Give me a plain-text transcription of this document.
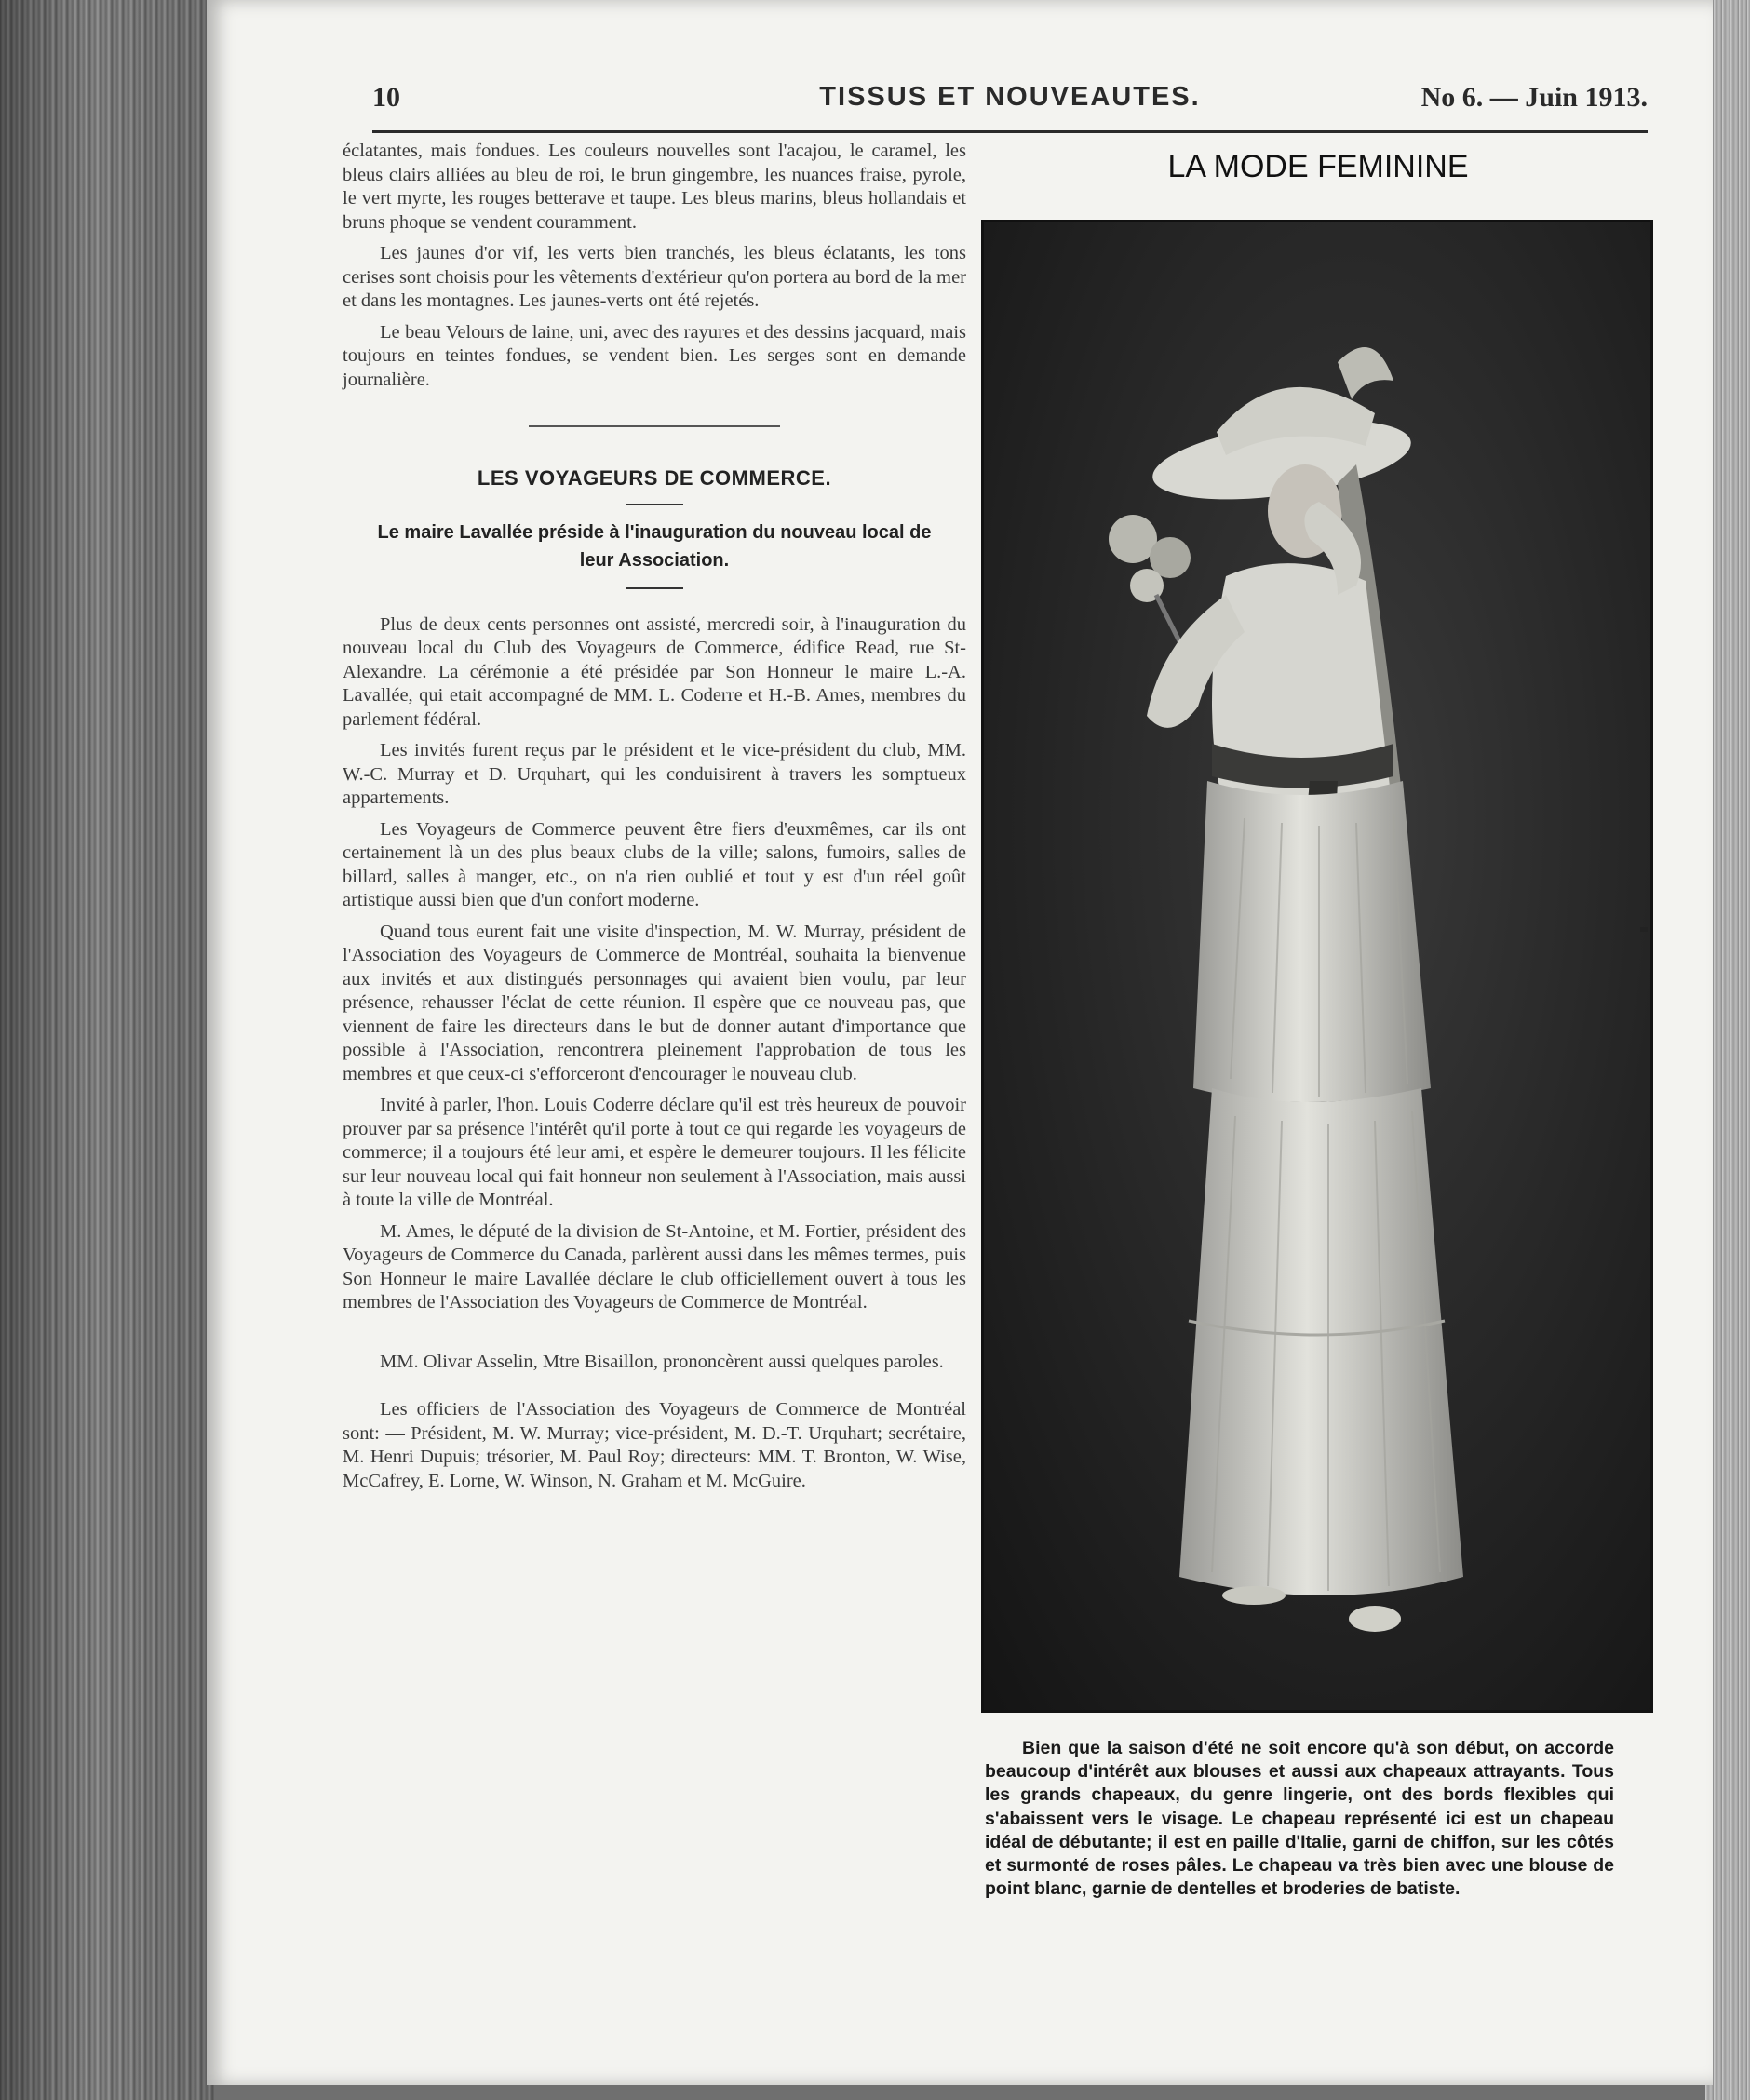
10	TISSUS ET NOUVEAUTES.	No 6. — Juin 1913.

éclatantes, mais fondues. Les couleurs nouvelles sont l'acajou, le caramel, les bleus clairs alliées au bleu de roi, le brun gingembre, les nuances fraise, pyrole, le vert myrte, les rouges betterave et taupe. Les bleus marins, bleus hollandais et bruns phoque se vendent couramment.

Les jaunes d'or vif, les verts bien tranchés, les bleus éclatants, les tons cerises sont choisis pour les vêtements d'extérieur qu'on portera au bord de la mer et dans les montagnes. Les jaunes-verts ont été rejetés.

Le beau Velours de laine, uni, avec des rayures et des dessins jacquard, mais toujours en teintes fondues, se vendent bien. Les serges sont en demande journalière.

LES VOYAGEURS DE COMMERCE.
Le maire Lavallée préside à l'inauguration du nouveau local de leur Association.

Plus de deux cents personnes ont assisté, mercredi soir, à l'inauguration du nouveau local du Club des Voyageurs de Commerce, édifice Read, rue St-Alexandre. La cérémonie a été présidée par Son Honneur le maire L.-A. Lavallée, qui etait accompagné de MM. L. Coderre et H.-B. Ames, membres du parlement fédéral.

Les invités furent reçus par le président et le vice-président du club, MM. W.-C. Murray et D. Urquhart, qui les conduisirent à travers les somptueux appartements.

Les Voyageurs de Commerce peuvent être fiers d'euxmêmes, car ils ont certainement là un des plus beaux clubs de la ville; salons, fumoirs, salles de billard, salles à manger, etc., on n'a rien oublié et tout y est d'un réel goût artistique aussi bien que d'un confort moderne.

Quand tous eurent fait une visite d'inspection, M. W. Murray, président de l'Association des Voyageurs de Commerce de Montréal, souhaita la bienvenue aux invités et aux distingués personnages qui avaient bien voulu, par leur présence, rehausser l'éclat de cette réunion. Il espère que ce nouveau pas, que viennent de faire les directeurs dans le but de donner autant d'importance que possible à l'Association, rencontrera pleinement l'approbation de tous les membres et que ceux-ci s'efforceront d'encourager le nouveau club.

Invité à parler, l'hon. Louis Coderre déclare qu'il est très heureux de pouvoir prouver par sa présence l'intérêt qu'il porte à tout ce qui regarde les voyageurs de commerce; il a toujours été leur ami, et espère le demeurer toujours. Il les félicite sur leur nouveau local qui fait honneur non seulement à l'Association, mais aussi à toute la ville de Montréal.

M. Ames, le député de la division de St-Antoine, et M. Fortier, président des Voyageurs de Commerce du Canada, parlèrent aussi dans les mêmes termes, puis Son Honneur le maire Lavallée déclare le club officiellement ouvert à tous les membres de l'Association des Voyageurs de Commerce de Montréal.

MM. Olivar Asselin, Mtre Bisaillon, prononcèrent aussi quelques paroles.

Les officiers de l'Association des Voyageurs de Commerce de Montréal sont: — Président, M. W. Murray; vice-président, M. D.-T. Urquhart; secrétaire, M. Henri Dupuis; trésorier, M. Paul Roy; directeurs: MM. T. Bronton, W. Wise, McCafrey, E. Lorne, W. Winson, N. Graham et M. McGuire.

LA MODE FEMININE

Bien que la saison d'été ne soit encore qu'à son début, on accorde beaucoup d'intérêt aux blouses et aussi aux chapeaux attrayants. Tous les grands chapeaux, du genre lingerie, ont des bords flexibles qui s'abaissent vers le visage. Le chapeau représenté ici est un chapeau idéal de débutante; il est en paille d'Italie, garni de chiffon, sur les côtés et surmonté de roses pâles. Le chapeau va très bien avec une blouse de point blanc, garnie de dentelles et broderies de batiste.
